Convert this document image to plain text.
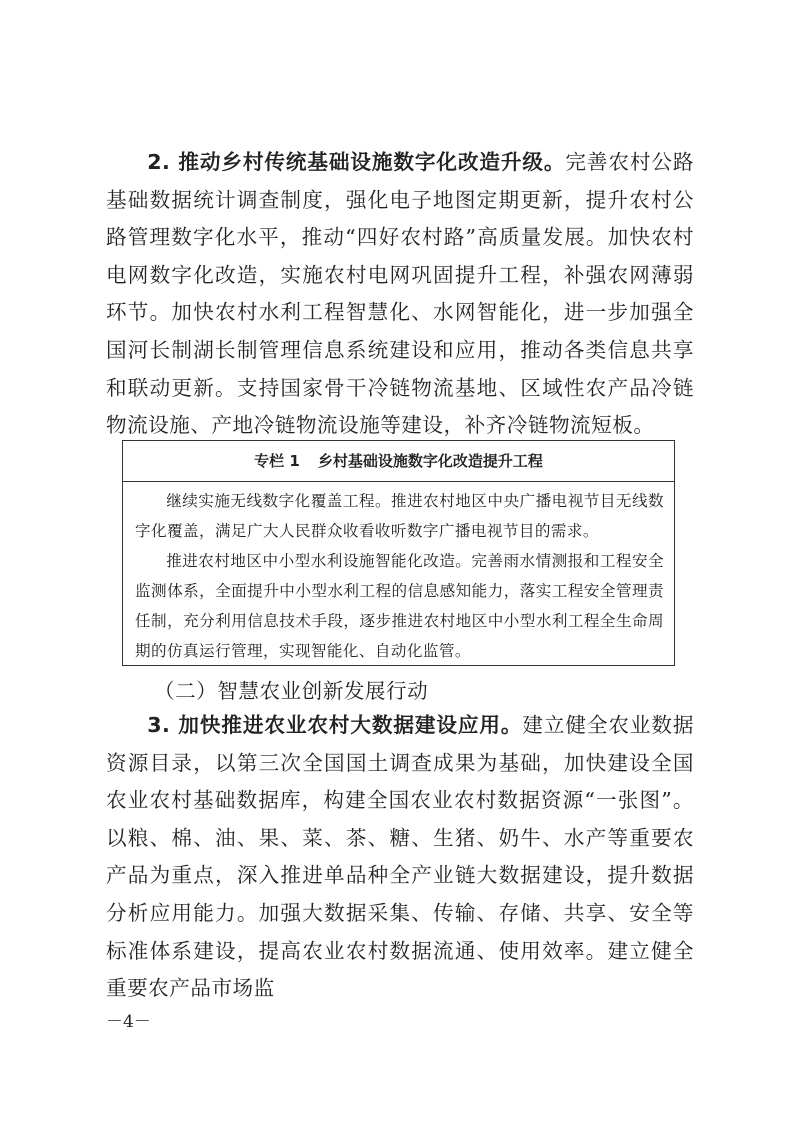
2. 推动乡村传统基础设施数字化改造升级。完善农村公路基础数据统计调查制度，强化电子地图定期更新，提升农村公路管理数字化水平，推动“四好农村路”高质量发展。加快农村电网数字化改造，实施农村电网巩固提升工程，补强农网薄弱环节。加快农村水利工程智慧化、水网智能化，进一步加强全国河长制湖长制管理信息系统建设和应用，推动各类信息共享和联动更新。支持国家骨干冷链物流基地、区域性农产品冷链物流设施、产地冷链物流设施等建设，补齐冷链物流短板。

专栏 1 乡村基础设施数字化改造提升工程

继续实施无线数字化覆盖工程。推进农村地区中央广播电视节目无线数字化覆盖，满足广大人民群众收看收听数字广播电视节目的需求。

推进农村地区中小型水利设施智能化改造。完善雨水情测报和工程安全监测体系，全面提升中小型水利工程的信息感知能力，落实工程安全管理责任制，充分利用信息技术手段，逐步推进农村地区中小型水利工程全生命周期的仿真运行管理，实现智能化、自动化监管。

（二）智慧农业创新发展行动

3. 加快推进农业农村大数据建设应用。建立健全农业数据资源目录，以第三次全国国土调查成果为基础，加快建设全国农业农村基础数据库，构建全国农业农村数据资源“一张图”。以粮、棉、油、果、菜、茶、糖、生猪、奶牛、水产等重要农产品为重点，深入推进单品种全产业链大数据建设，提升数据分析应用能力。加强大数据采集、传输、存储、共享、安全等标准体系建设，提高农业农村数据流通、使用效率。建立健全重要农产品市场监

－4－
